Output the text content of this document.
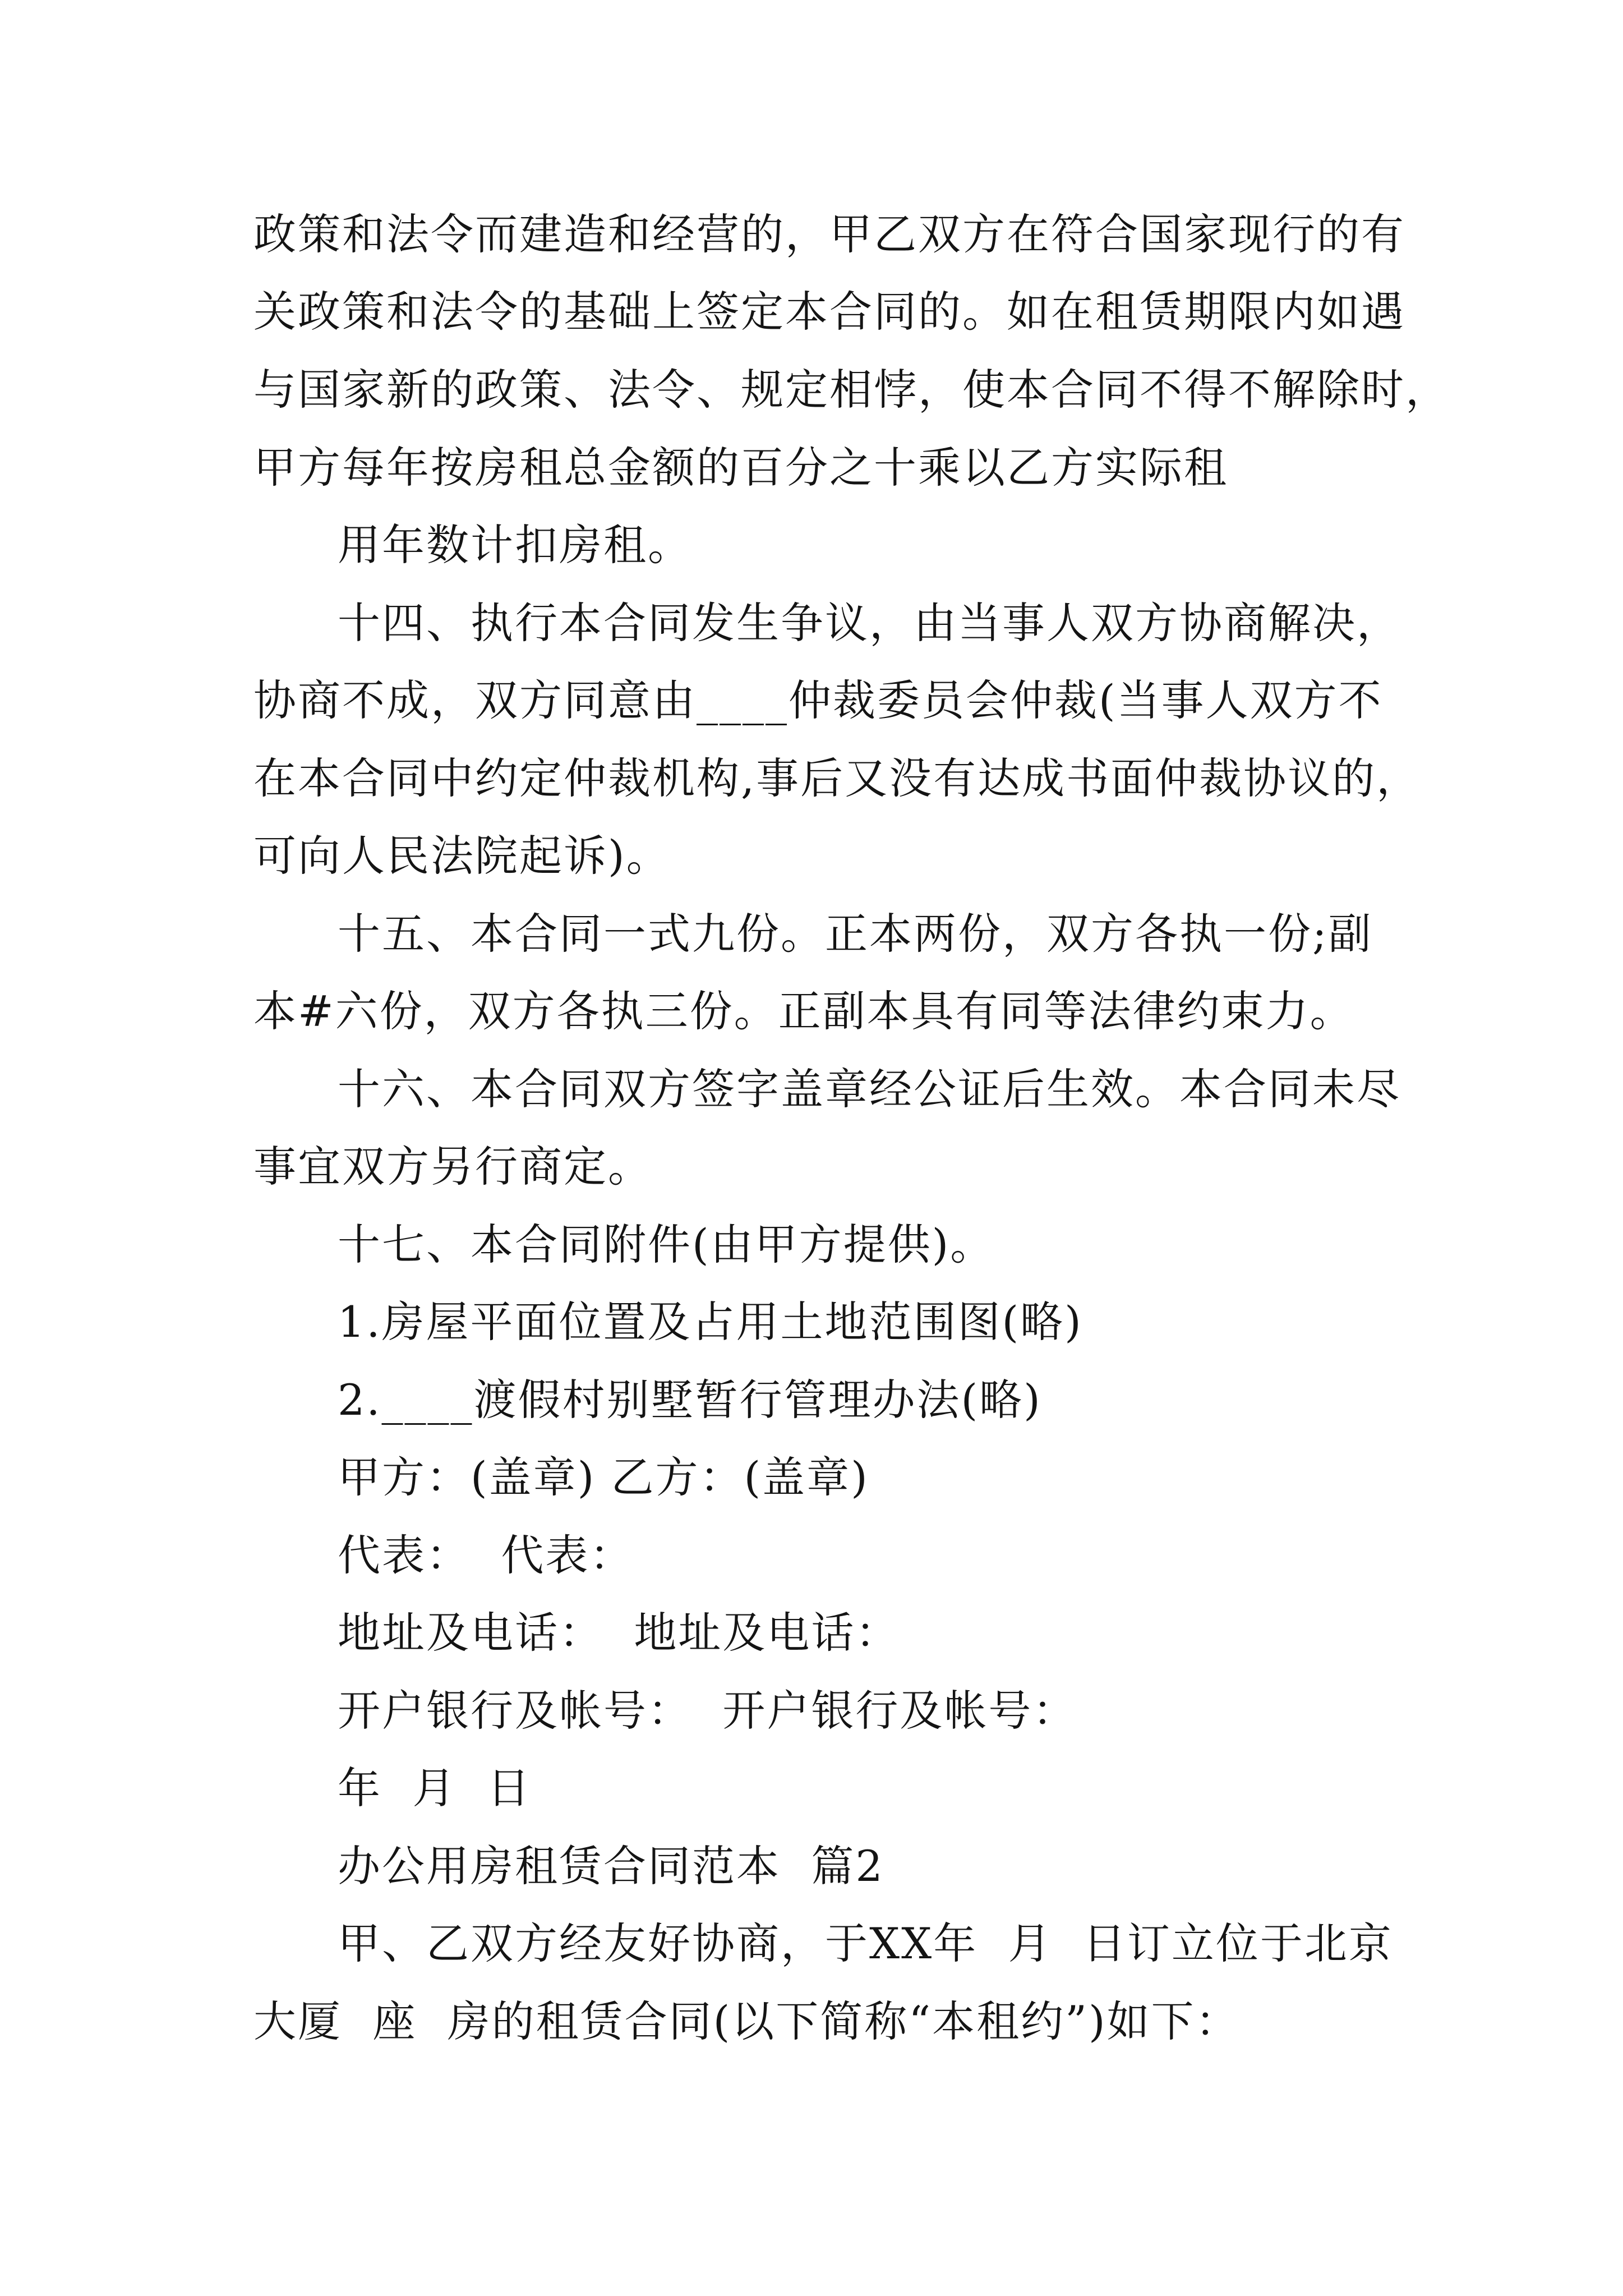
政策和法令而建造和经营的，甲乙双方在符合国家现行的有
关政策和法令的基础上签定本合同的。如在租赁期限内如遇
与国家新的政策、法令、规定相悖，使本合同不得不解除时，
甲方每年按房租总金额的百分之十乘以乙方实际租
用年数计扣房租。
十四、执行本合同发生争议，由当事人双方协商解决，
协商不成，双方同意由____仲裁委员会仲裁(当事人双方不
在本合同中约定仲裁机构,事后又没有达成书面仲裁协议的，
可向人民法院起诉)。
十五、本合同一式九份。正本两份，双方各执一份;副
本#六份，双方各执三份。正副本具有同等法律约束力。
十六、本合同双方签字盖章经公证后生效。本合同未尽
事宜双方另行商定。
十七、本合同附件(由甲方提供)。
1.房屋平面位置及占用土地范围图(略)
2.____渡假村别墅暂行管理办法(略)
甲方：(盖章) 乙方：(盖章)
代表：  代表：
地址及电话：  地址及电话：
开户银行及帐号：  开户银行及帐号：
年  月  日
办公用房租赁合同范本  篇2
甲、乙双方经友好协商，于XX年  月  日订立位于北京
大厦  座  房的租赁合同(以下简称“本租约”)如下：
